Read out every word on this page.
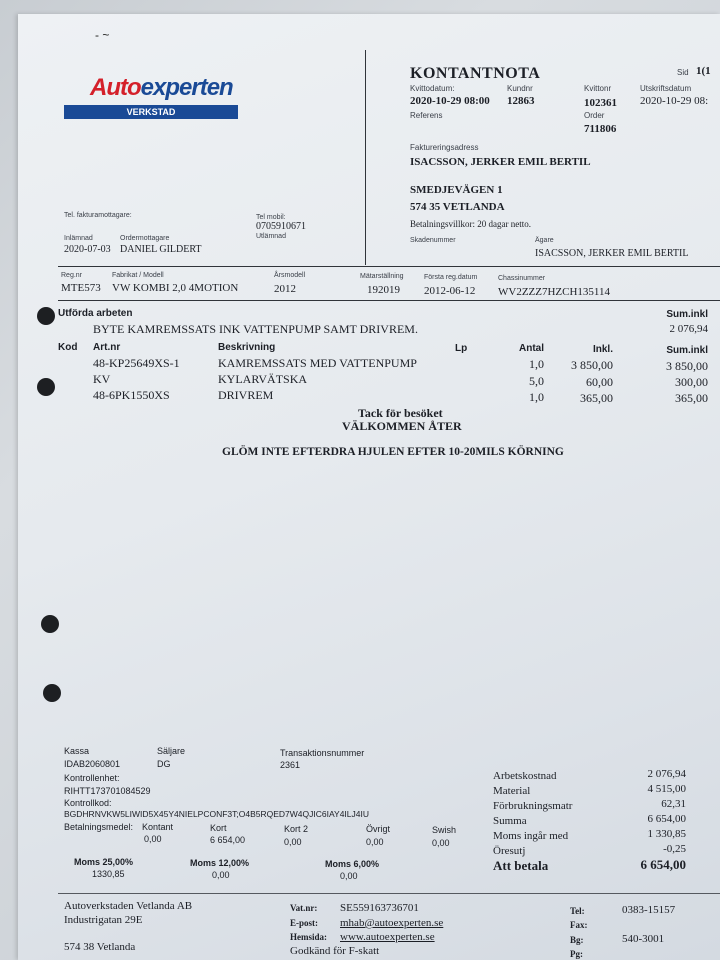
- ~
Autoexperten
VERKSTAD
KONTANTNOTA	Sid 1(1
Kvittodatum:	Kundnr	Kvittonr	Utskriftsdatum
2020-10-29 08:00 12863	102361 2020-10-29 08:
Referens	Order
711806
Faktureringsadress
ISACSSON, JERKER EMIL BERTIL
SMEDJEVÄGEN 1
574 35 VETLANDA
Betalningsvillkor: 20 dagar netto.
Tel. fakturamottagare:	Tel mobil:
0705910671
Utlämnad
Inlämnad	Ordermottagare
2020-07-03 DANIEL GILDERT
Skadenummer	Ägare
ISACSSON, JERKER EMIL BERTIL
Reg.nr	Fabrikat / Modell	Årsmodell	Mätarställning	Första reg.datum	Chassinummer
MTE573 VW KOMBI 2,0 4MOTION	2012	192019 2012-06-12 WV2ZZZ7HZCH135114
Utförda arbeten	Sum.inkl
BYTE KAMREMSSATS INK VATTENPUMP SAMT DRIVREM.	2 076,94
Kod Art.nr	Beskrivning	Lp	Antal	Inkl.	Sum.inkl
48-KP25649XS-1	KAMREMSSATS MED VATTENPUMP	1,0	3 850,00	3 850,00
KV	KYLARVÄTSKA	5,0	60,00	300,00
48-6PK1550XS	DRIVREM	1,0	365,00	365,00
Tack för besöket
VÄLKOMMEN ÅTER
GLÖM INTE EFTERDRA HJULEN EFTER 10-20MILS KÖRNING
Kassa	Säljare	Transaktionsnummer
IDAB2060801	DG	2361
Kontrollenhet:
RIHTT173701084529
Kontrollkod:
BGDHRNVKW5LIWID5X45Y4NIELPCONF3T;O4B5RQED7W4QJIC6IAY4ILJ4IU
Betalningsmedel: Kontant
0,00
Kort
6 654,00
Kort 2
0,00
Övrigt
0,00
Swish
0,00
Moms 25,00%
1330,85
Moms 12,00%
0,00
Moms 6,00%
0,00
Arbetskostnad	2 076,94
Material	4 515,00
Förbrukningsmatr	62,31
Summa	6 654,00
Moms ingår med	1 330,85
Öresutj	-0,25
Att betala	6 654,00
Autoverkstaden Vetlanda AB
Industrigatan 29E
574 38 Vetlanda
Vat.nr: SE559163736701
E-post: mhab@autoexperten.se
Hemsida: www.autoexperten.se
Godkänd för F-skatt
Tel:	0383-15157
Fax:
Bg:	540-3001
Pg:
